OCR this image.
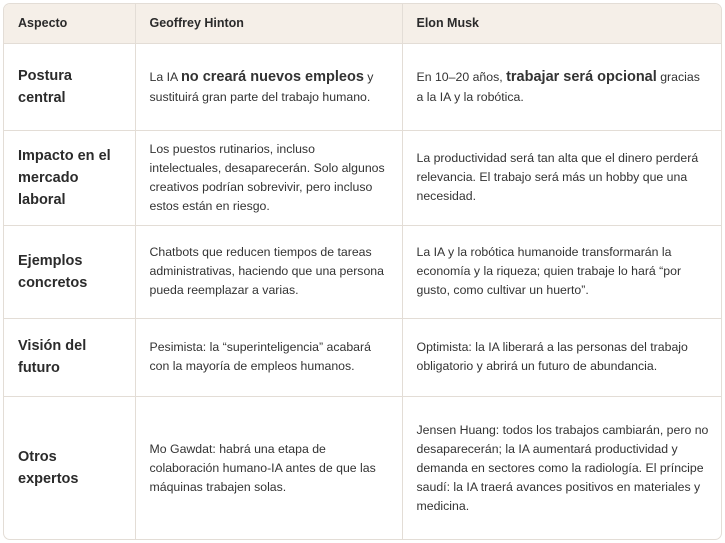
Aspecto	Geoffrey Hinton	Elon Musk
Postura central	La IA no creará nuevos empleos y sustituirá gran parte del trabajo humano.	En 10–20 años, trabajar será opcional gracias a la IA y la robótica.
Impacto en el mercado laboral	Los puestos rutinarios, incluso intelectuales, desaparecerán. Solo algunos creativos podrían sobrevivir, pero incluso estos están en riesgo.	La productividad será tan alta que el dinero perderá relevancia. El trabajo será más un hobby que una necesidad.
Ejemplos concretos	Chatbots que reducen tiempos de tareas administrativas, haciendo que una persona pueda reemplazar a varias.	La IA y la robótica humanoide transformarán la economía y la riqueza; quien trabaje lo hará “por gusto, como cultivar un huerto”.
Visión del futuro	Pesimista: la “superinteligencia” acabará con la mayoría de empleos humanos.	Optimista: la IA liberará a las personas del trabajo obligatorio y abrirá un futuro de abundancia.
Otros expertos	Mo Gawdat: habrá una etapa de colaboración humano-IA antes de que las máquinas trabajen solas.	Jensen Huang: todos los trabajos cambiarán, pero no desaparecerán; la IA aumentará productividad y demanda en sectores como la radiología. El príncipe saudí: la IA traerá avances positivos en materiales y medicina.
